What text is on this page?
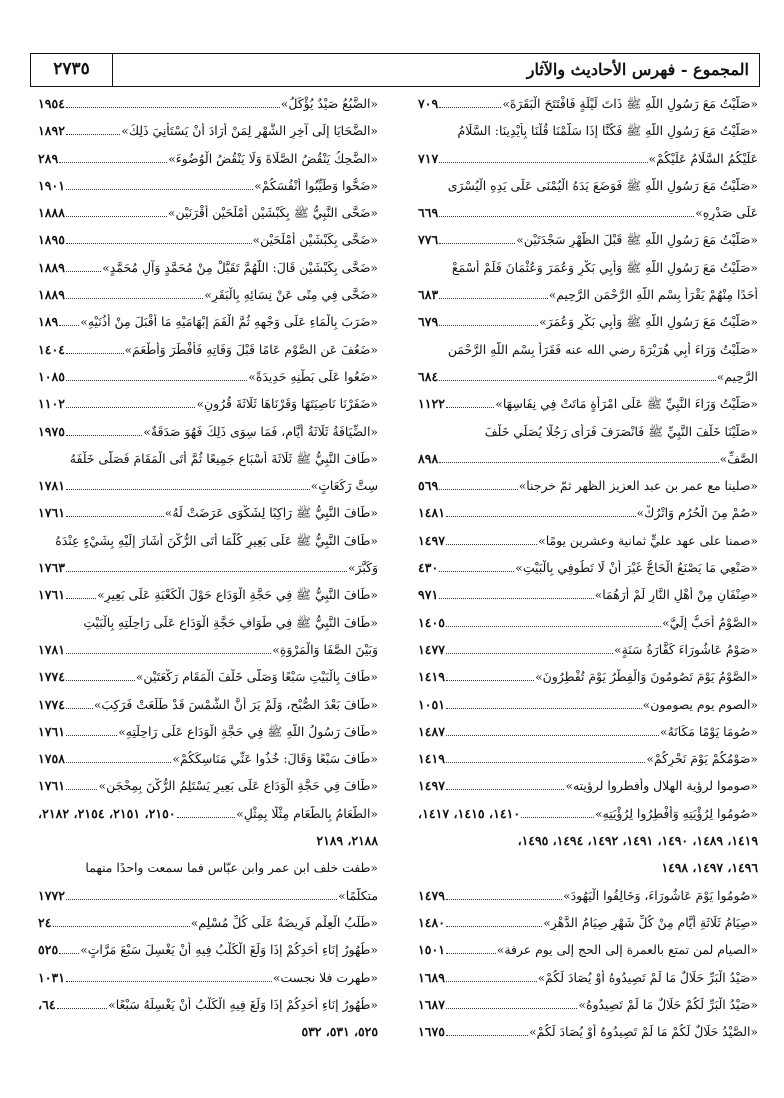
٢٧٣٥	المجموع - فهرس الأحاديث والآثار
«صَلَّيْتُ مَعَ رَسُولِ اللَّهِ ﷺ ذَاتَ لَيْلَةٍ فَافْتَتَحَ الْبَقَرَةَ»
٧٠٩
«صَلَّيْتُ مَعَ رَسُولِ اللَّهِ ﷺ فَكُنَّا إِذَا سَلَّمْنَا قُلْنَا بِأَيْدِينَا: السَّلَامُ
عَلَيْكُمُ السَّلَامُ عَلَيْكُمْ»
٧١٧
«صَلَّيْتُ مَعَ رَسُولِ اللَّهِ ﷺ فَوَضَعَ يَدَهُ الْيُمْنَى عَلَى يَدِهِ الْيُسْرَى
عَلَى صَدْرِهِ»
٦٦٩
«صَلَّيْتُ مَعَ رَسُولِ اللَّهِ ﷺ قَبْلَ الظُّهْرِ سَجْدَتَيْنِ»
٧٧٦
«صَلَّيْتُ مَعَ رَسُولِ اللَّهِ ﷺ وَأَبِي بَكْرٍ وَعُمَرَ وَعُثْمَانَ فَلَمْ أَسْمَعْ
أَحَدًا مِنْهُمْ يَقْرَأُ بِسْمِ اللَّهِ الرَّحْمَنِ الرَّحِيمِ»
٦٨٣
«صَلَّيْتُ مَعَ رَسُولِ اللَّهِ ﷺ وَأَبِي بَكْرٍ وَعُمَرَ»
٦٧٩
«صَلَّيْتُ وَرَاءَ أَبِي هُرَيْرَةَ رضي الله عنه فَقَرَأَ بِسْمِ اللَّهِ الرَّحْمَنِ
الرَّحِيمِ»
٦٨٤
«صَلَّيْتُ وَرَاءَ النَّبِيِّ ﷺ عَلَى امْرَأَةٍ مَاتَتْ فِي نِفَاسِهَا»
١١٢٢
«صَلَّيْنَا خَلْفَ النَّبِيِّ ﷺ فَانْصَرَفَ فَرَأَى رَجُلًا يُصَلِّي خَلْفَ
الصَّفِّ»
٨٩٨
«صلينا مع عمر بن عبد العزيز الظهر ثمّ خرجنا»
٥٦٩
«صُمْ مِنَ الْحُرُمِ وَاتْرُكْ»
١٤٨١
«صمنا على عهد عليٍّ ثمانية وعشرين يومًا»
١٤٩٧
«صَنْعِي مَا يَصْنَعُ الْحَاجُّ غَيْرَ أَنْ لَا تَطُوفِي بِالْبَيْتِ»
٤٣٠
«صِنْفَانِ مِنْ أَهْلِ النَّارِ لَمْ أَرَهُمَا»
٩٧١
«الصَّوْمُ أَحَبُّ إِلَيَّ»
١٤٠٥
«صَوْمُ عَاشُورَاءَ كَفَّارَةُ سَنَةٍ»
١٤٧٧
«الصَّوْمُ يَوْمَ تَصُومُونَ وَالْفِطْرُ يَوْمَ تُفْطِرُونَ»
١٤١٩
«الصوم يوم يصومون»
١٠٥١
«صُومَا يَوْمًا مَكَانَهُ»
١٤٨٧
«صَوْمُكُمْ يَوْمَ نَحْرِكُمْ»
١٤١٩
«صوموا لرؤية الهلال وأفطروا لرؤيته»
١٤٩٧
«صُومُوا لِرُؤْيَتِهِ وَأَفْطِرُوا لِرُؤْيَتِهِ»
١٤١٠، ١٤١٥، ١٤١٧،
١٤١٩، ١٤٨٩، ١٤٩٠، ١٤٩١، ١٤٩٢، ١٤٩٤، ١٤٩٥،
١٤٩٦، ١٤٩٧، ١٤٩٨
«صُومُوا يَوْمَ عَاشُورَاءَ، وَخَالِفُوا الْيَهُودَ»
١٤٧٩
«صِيَامُ ثَلَاثَةِ أَيَّامٍ مِنْ كُلِّ شَهْرٍ صِيَامُ الدَّهْرِ»
١٤٨٠
«الصيام لمن تمتع بالعمرة إلى الحج إلى يوم عرفة»
١٥٠١
«صَيْدُ الْبَرِّ حَلَالٌ مَا لَمْ تَصِيدُوهُ أَوْ يُصَادَ لَكُمْ»
١٦٨٩
«صَيْدُ الْبَرِّ لَكُمْ حَلَالٌ مَا لَمْ تَصِيدُوهُ»
١٦٨٧
«الصَّيْدُ حَلَالٌ لَكُمْ مَا لَمْ تَصِيدُوهُ أَوْ يُصَادَ لَكُمْ»
١٦٧٥
«الضَّبُعُ صَيْدٌ يُؤْكَلُ»
١٩٥٤
«الضَّحَايَا إِلَى آخِرِ الشَّهْرِ لِمَنْ أَرَادَ أَنْ يَسْتَأْنِيَ ذَلِكَ»
١٨٩٢
«الضَّحِكُ يَنْقُضُ الصَّلَاةَ وَلَا يَنْقُضُ الْوُضُوءَ»
٢٨٩
«ضَحُّوا وَطَيِّبُوا أَنْفُسَكُمْ»
١٩٠١
«ضَحَّى النَّبِيُّ ﷺ بِكَبْشَيْنِ أَمْلَحَيْنِ أَقْرَنَيْنِ»
١٨٨٨
«ضَحَّى بِكَبْشَيْنِ أَمْلَحَيْنِ»
١٨٩٥
«ضَحَّى بِكَبْشَيْنِ قَالَ: اللَّهُمَّ تَقَبَّلْ مِنْ مُحَمَّدٍ وَآلِ مُحَمَّدٍ»
١٨٨٩
«ضَحَّى فِي مِنًى عَنْ نِسَائِهِ بِالْبَقَرِ»
١٨٨٩
«ضَرَبَ بِالْمَاءِ عَلَى وَجْهِهِ ثُمَّ الْفَمَ إِبْهَامَيْهِ مَا أَقْبَلَ مِنْ أُذُنَيْهِ»
١٨٩
«ضَعُفَ عَنِ الصَّوْمِ عَامًا قَبْلَ وَفَاتِهِ فَأَفْطَرَ وَأَطْعَمَ»
١٤٠٤
«ضَعُوا عَلَى بَطْنِهِ حَدِيدَةً»
١٠٨٥
«ضَفَرْنَا نَاصِيَتَهَا وَقَرْنَاهَا ثَلَاثَةَ قُرُونٍ»
١١٠٢
«الضِّيَافَةُ ثَلَاثَةُ أَيَّامٍ، فَمَا سِوَى ذَلِكَ فَهُوَ صَدَقَةٌ»
١٩٧٥
«طَافَ النَّبِيُّ ﷺ ثَلَاثَةَ أَسْبَاعٍ جَمِيعًا ثُمَّ أَتَى الْمَقَامَ فَصَلَّى خَلْفَهُ
سِتَّ رَكَعَاتٍ»
١٧٨١
«طَافَ النَّبِيُّ ﷺ رَاكِبًا لِشَكْوَى عَرَضَتْ لَهُ»
١٧٦١
«طَافَ النَّبِيُّ ﷺ عَلَى بَعِيرٍ كُلَّمَا أَتَى الرُّكْنَ أَشَارَ إِلَيْهِ بِشَيْءٍ عِنْدَهُ
وَكَبَّرَ»
١٧٦٣
«طَافَ النَّبِيُّ ﷺ فِي حَجَّةِ الْوَدَاعِ حَوْلَ الْكَعْبَةِ عَلَى بَعِيرٍ»
١٧٦١
«طَافَ النَّبِيُّ ﷺ فِي طَوَافِ حَجَّةِ الْوَدَاعِ عَلَى رَاحِلَتِهِ بِالْبَيْتِ
وَبَيْنَ الصَّفَا وَالْمَرْوَةِ»
١٧٨١
«طَافَ بِالْبَيْتِ سَبْعًا وَصَلَّى خَلْفَ الْمَقَامِ رَكْعَتَيْنِ»
١٧٧٤
«طَافَ بَعْدَ الصُّبْحِ، وَلَمْ يَرَ أَنَّ الشَّمْسَ قَدْ طَلَعَتْ فَرَكِبَ»
١٧٧٤
«طَافَ رَسُولُ اللَّهِ ﷺ فِي حَجَّةِ الْوَدَاعِ عَلَى رَاحِلَتِهِ»
١٧٦١
«طَافَ سَبْعًا وَقَالَ: خُذُوا عَنِّي مَنَاسِكَكُمْ»
١٧٥٨
«طَافَ فِي حَجَّةِ الْوَدَاعِ عَلَى بَعِيرٍ يَسْتَلِمُ الرُّكْنَ بِمِحْجَنٍ»
١٧٦١
«الطَّعَامُ بِالطَّعَامِ مِثْلًا بِمِثْلٍ»
٢١٥٠، ٢١٥١، ٢١٥٤، ٢١٨٢،
٢١٨٨، ٢١٨٩
«طفت خلف ابن عمر وابن عبّاس فما سمعت واحدًا منهما
متكلّمًا»
١٧٧٢
«طَلَبُ الْعِلْمِ فَرِيضَةٌ عَلَى كُلِّ مُسْلِمٍ»
٢٤
«طُهُورُ إِنَاءِ أَحَدِكُمْ إِذَا وَلَغَ الْكَلْبُ فِيهِ أَنْ يَغْسِلَ سَبْعَ مَرَّاتٍ»
٥٢٥
«طهرت فلا نجست»
١٠٣١
«طُهُورُ إِنَاءِ أَحَدِكُمْ إِذَا وَلَغَ فِيهِ الْكَلْبُ أَنْ يَغْسِلَهُ سَبْعًا»
٦٤،
٥٢٥، ٥٣١، ٥٣٢
